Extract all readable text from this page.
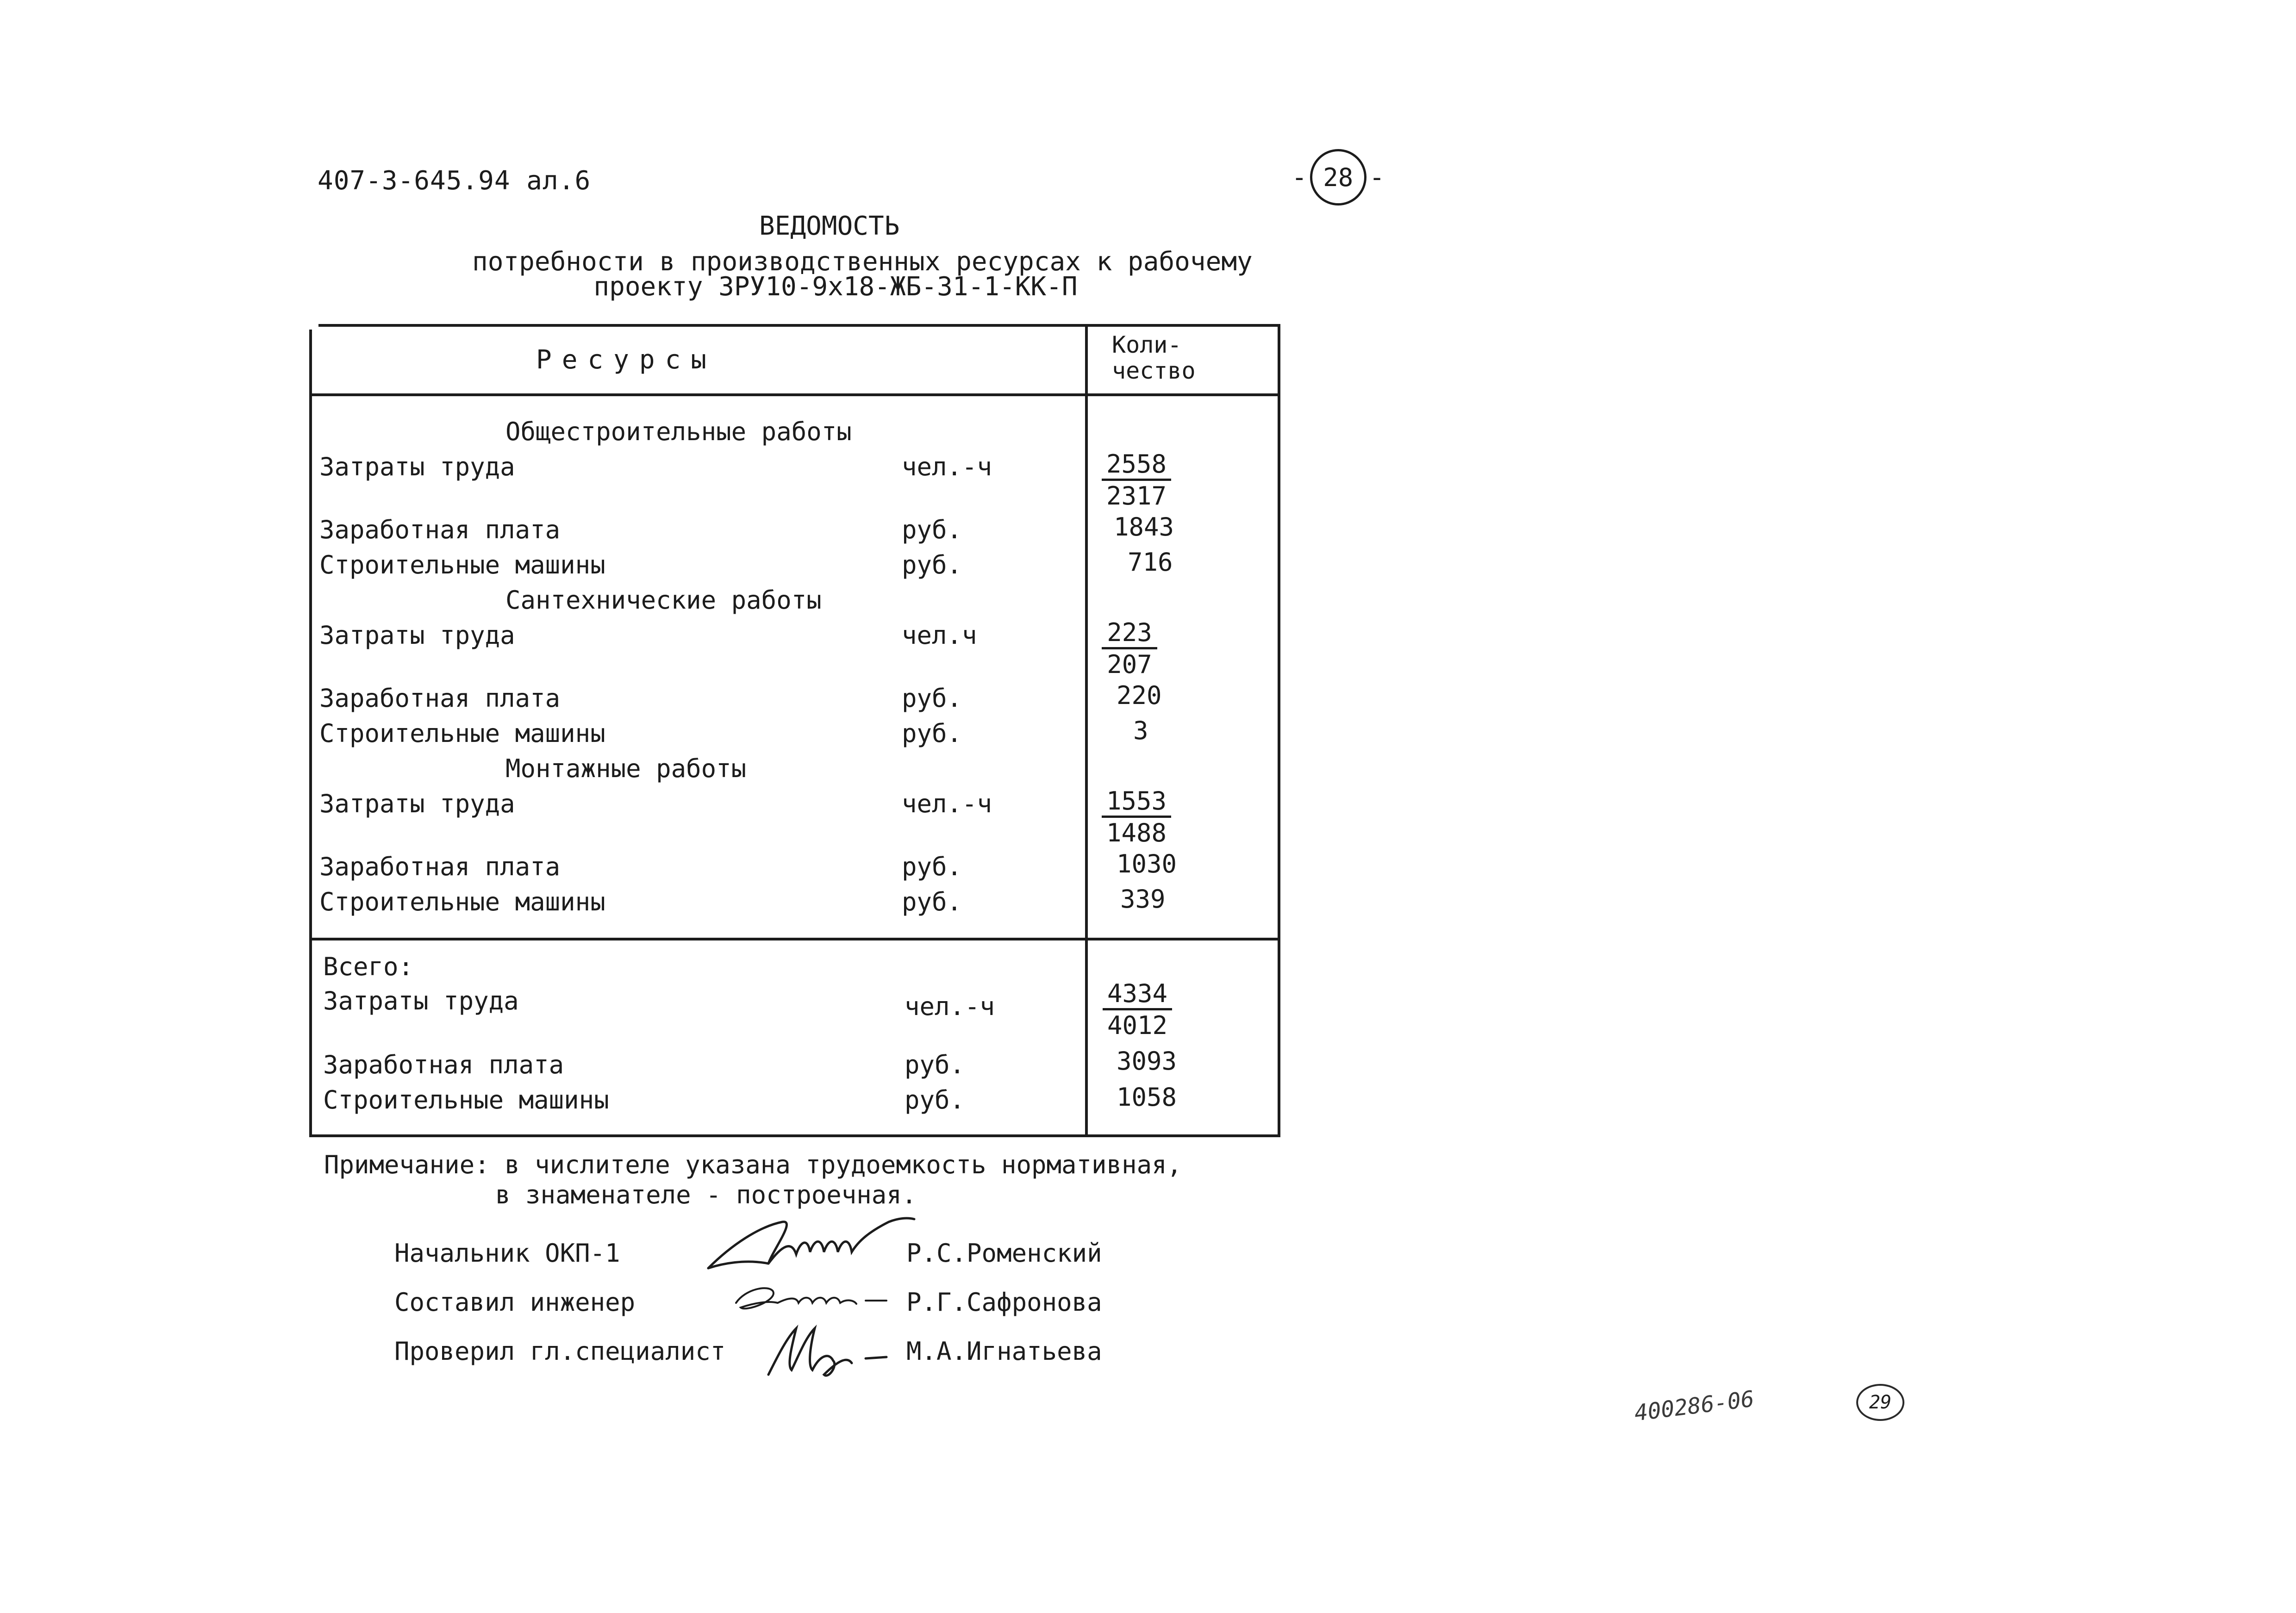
407-3-645.94 ал.6	- 28 -
ВЕДОМОСТЬ
потребности в производственных ресурсах к рабочему
проекту ЗРУ10-9х18-ЖБ-31-1-КК-П
Ресурсы	Коли-
чество
Общестроительные работы
Затраты труда	чел.-ч	$\frac{2558}{2317}$
Заработная плата	руб.	1843
Строительные машины	руб.	716
Сантехнические работы
Затраты труда	чел.ч	$\frac{223}{207}$
Заработная плата	руб.	220
Строительные машины	руб.	3
Монтажные работы
Затраты труда	чел.-ч	$\frac{1553}{1488}$
Заработная плата	руб.	1030
Строительные машины	руб.	339
Всего:
Затраты труда	чел.-ч	$\frac{4334}{4012}$
Заработная плата	руб.	3093
Строительные машины	руб.	1058
Примечание: в числителе указана трудоемкость нормативная,
в знаменателе - построечная.
Начальник ОКП-1	Р.С.Роменский
Составил инженер	Р.Г.Сафронова
Проверил гл.специалист	М.А.Игнатьева
400286-06	29
